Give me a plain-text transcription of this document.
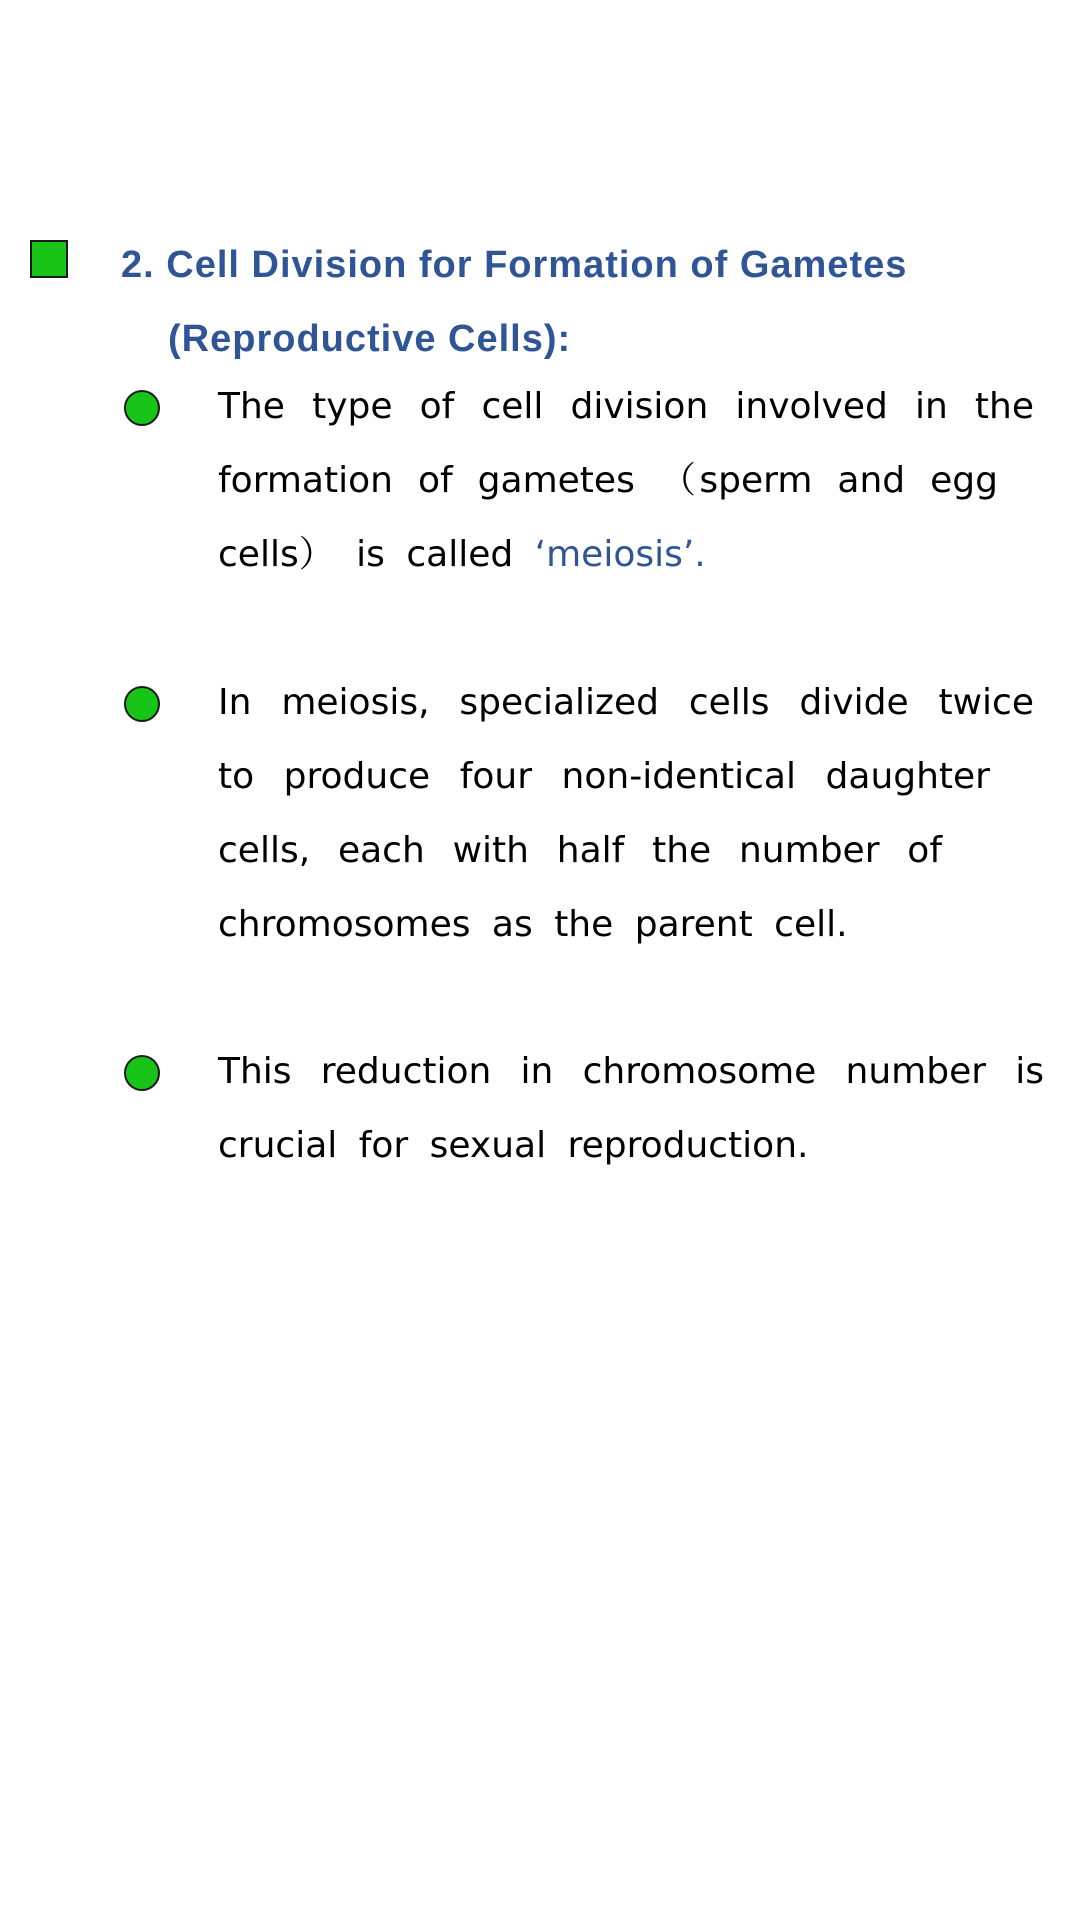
2. Cell Division for Formation of Gametes
(Reproductive Cells):
The type of cell division involved in the
formation of gametes （sperm and egg
cells） is called ‘meiosis’.
In meiosis, specialized cells divide twice
to produce four non-identical daughter
cells, each with half the number of
chromosomes as the parent cell.
This reduction in chromosome number is
crucial for sexual reproduction.
